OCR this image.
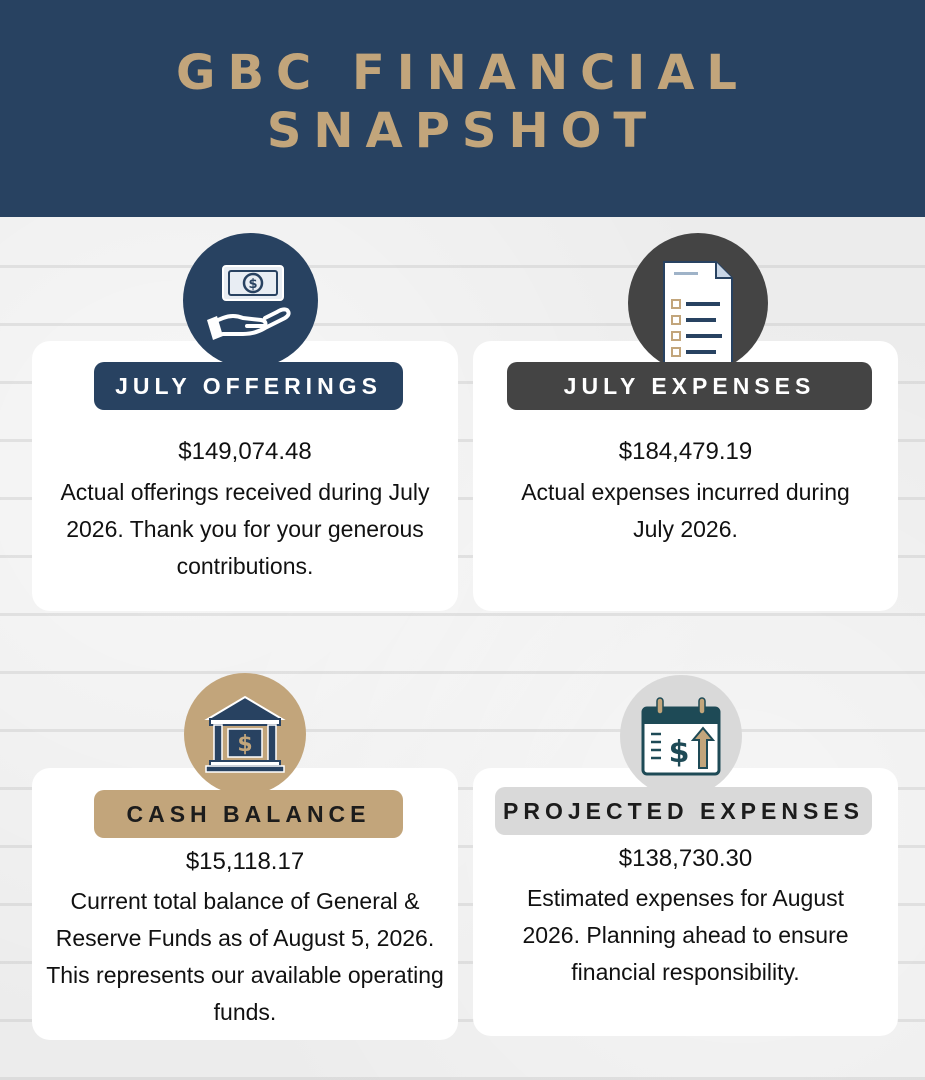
GBC FINANCIAL
SNAPSHOT
$
JULY OFFERINGS
$149,074.48
Actual offerings received during July 2026. Thank you for your generous contributions.
JULY EXPENSES
$184,479.19
Actual expenses incurred during July 2026.
$
CASH BALANCE
$15,118.17
Current total balance of General & Reserve Funds as of August 5, 2026. This represents our available operating funds.
$
PROJECTED EXPENSES
$138,730.30
Estimated expenses for August 2026. Planning ahead to ensure financial responsibility.
